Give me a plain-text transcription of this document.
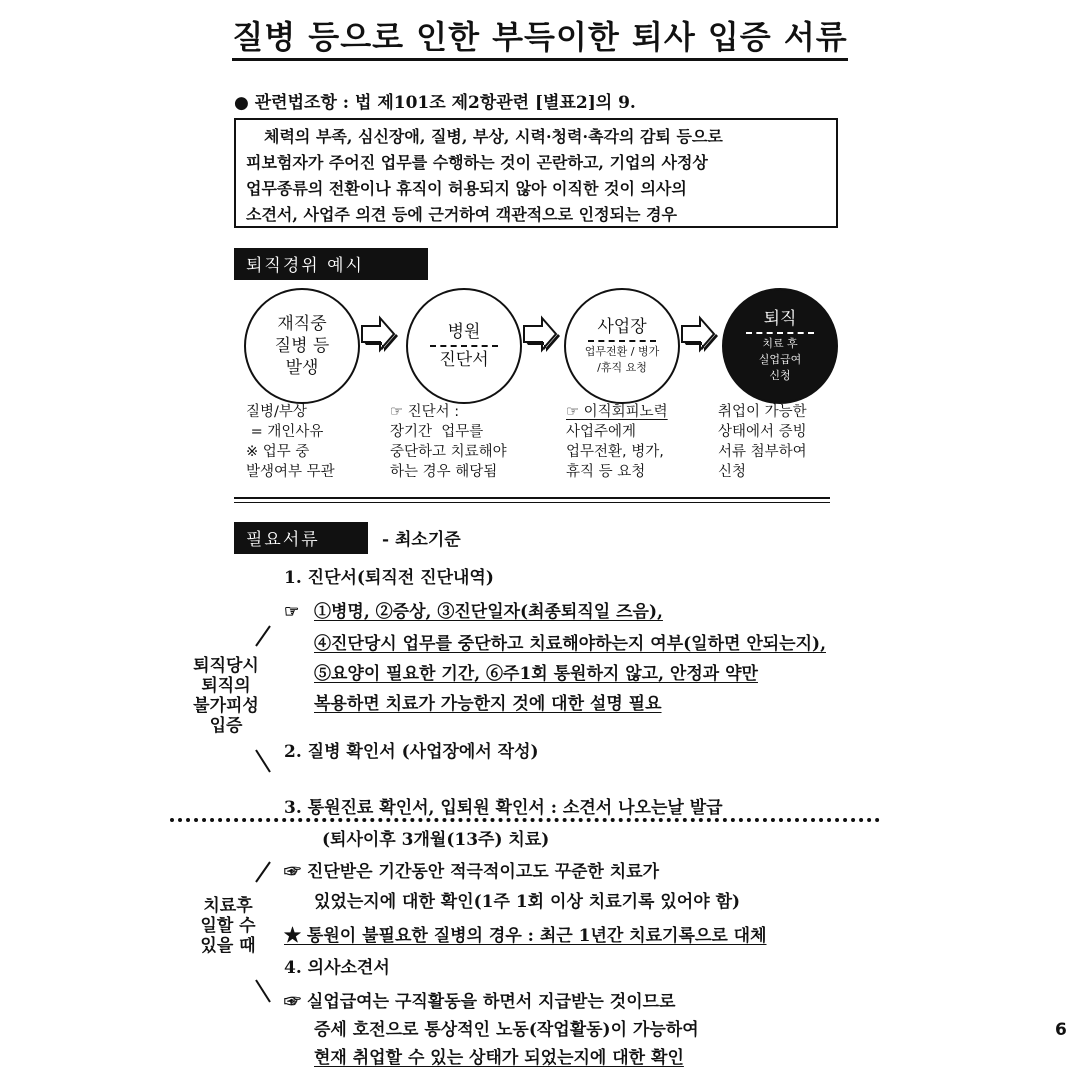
질병 등으로 인한 부득이한 퇴사 입증 서류
● 관련법조항 : 법 제101조 제2항관련 [별표2]의 9.
체력의 부족, 심신장애, 질병, 부상, 시력·청력·촉각의 감퇴 등으로
피보험자가 주어진 업무를 수행하는 것이 곤란하고, 기업의 사정상
업무종류의 전환이나 휴직이 허용되지 않아 이직한 것이 의사의
소견서, 사업주 의견 등에 근거하여 객관적으로 인정되는 경우
퇴직경위 예시
재직중
질병 등
발생
병원
진단서
사업장
업무전환 / 병가
/휴직 요청
퇴직
치료 후
실업급여
신청
질병/부상
= 개인사유
※ 업무 중
발생여부 무관
☞ 진단서 :
장기간  업무를
중단하고 치료해야
하는 경우 해당됨
☞ 이직회피노력
사업주에게
업무전환, 병가,
휴직 등 요청
취업이 가능한
상태에서 증빙
서류 첨부하여
신청
필요서류	- 최소기준
1. 진단서(퇴직전 진단내역)
☞ ①병명, ②증상, ③진단일자(최종퇴직일 즈음),
④진단당시 업무를 중단하고 치료해야하는지 여부(일하면 안되는지),
⑤요양이 필요한 기간, ⑥주1회 통원하지 않고, 안정과 약만
복용하면 치료가 가능한지 것에 대한 설명 필요
2. 질병 확인서 (사업장에서 작성)
퇴직당시
퇴직의
불가피성
입증
3. 통원진료 확인서, 입퇴원 확인서 : 소견서 나오는날 발급
(퇴사이후 3개월(13주) 치료)
☞ 진단받은 기간동안 적극적이고도 꾸준한 치료가
있었는지에 대한 확인(1주 1회 이상 치료기록 있어야 함)
★ 통원이 불필요한 질병의 경우 : 최근 1년간 치료기록으로 대체
4. 의사소견서
☞ 실업급여는 구직활동을 하면서 지급받는 것이므로
증세 호전으로 통상적인 노동(작업활동)이 가능하여
현재 취업할 수 있는 상태가 되었는지에 대한 확인
치료후
일할 수
있을 때
6
